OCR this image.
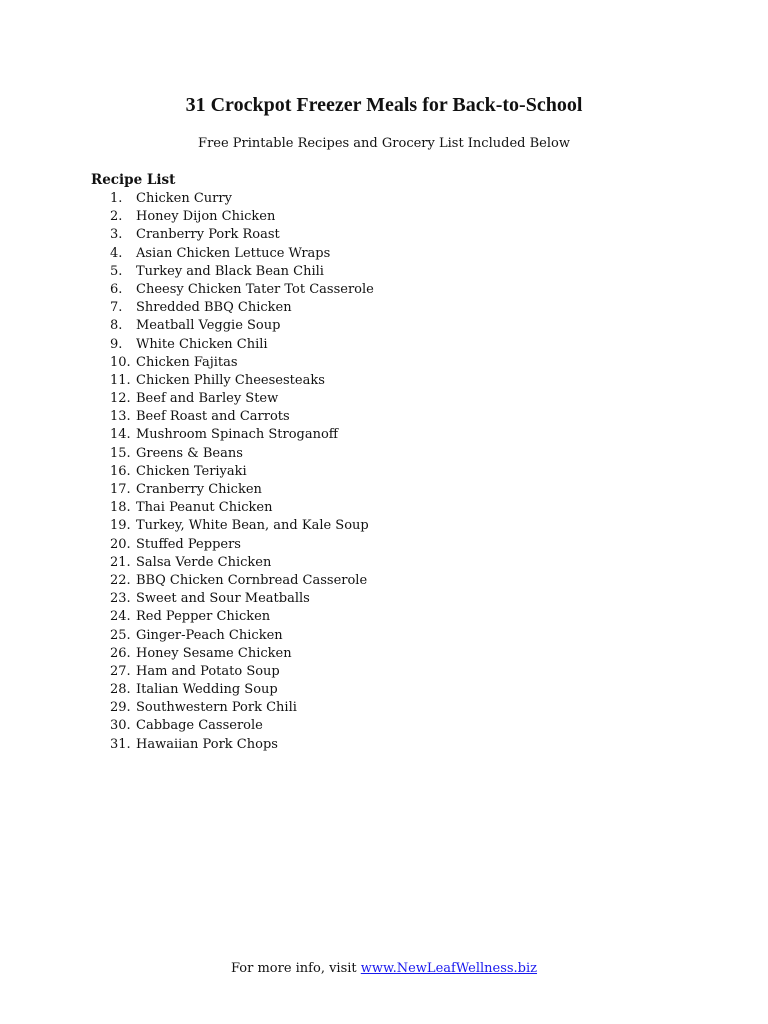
31 Crockpot Freezer Meals for Back-to-School
Free Printable Recipes and Grocery List Included Below
Recipe List
1.	Chicken Curry
2.	Honey Dijon Chicken
3.	Cranberry Pork Roast
4.	Asian Chicken Lettuce Wraps
5.	Turkey and Black Bean Chili
6.	Cheesy Chicken Tater Tot Casserole
7.	Shredded BBQ Chicken
8.	Meatball Veggie Soup
9.	White Chicken Chili
10. Chicken Fajitas
11. Chicken Philly Cheesesteaks
12. Beef and Barley Stew
13. Beef Roast and Carrots
14. Mushroom Spinach Stroganoff
15. Greens & Beans
16. Chicken Teriyaki
17. Cranberry Chicken
18. Thai Peanut Chicken
19. Turkey, White Bean, and Kale Soup
20. Stuffed Peppers
21. Salsa Verde Chicken
22. BBQ Chicken Cornbread Casserole
23. Sweet and Sour Meatballs
24. Red Pepper Chicken
25. Ginger-Peach Chicken
26. Honey Sesame Chicken
27. Ham and Potato Soup
28. Italian Wedding Soup
29. Southwestern Pork Chili
30. Cabbage Casserole
31. Hawaiian Pork Chops
For more info, visit www.NewLeafWellness.biz
